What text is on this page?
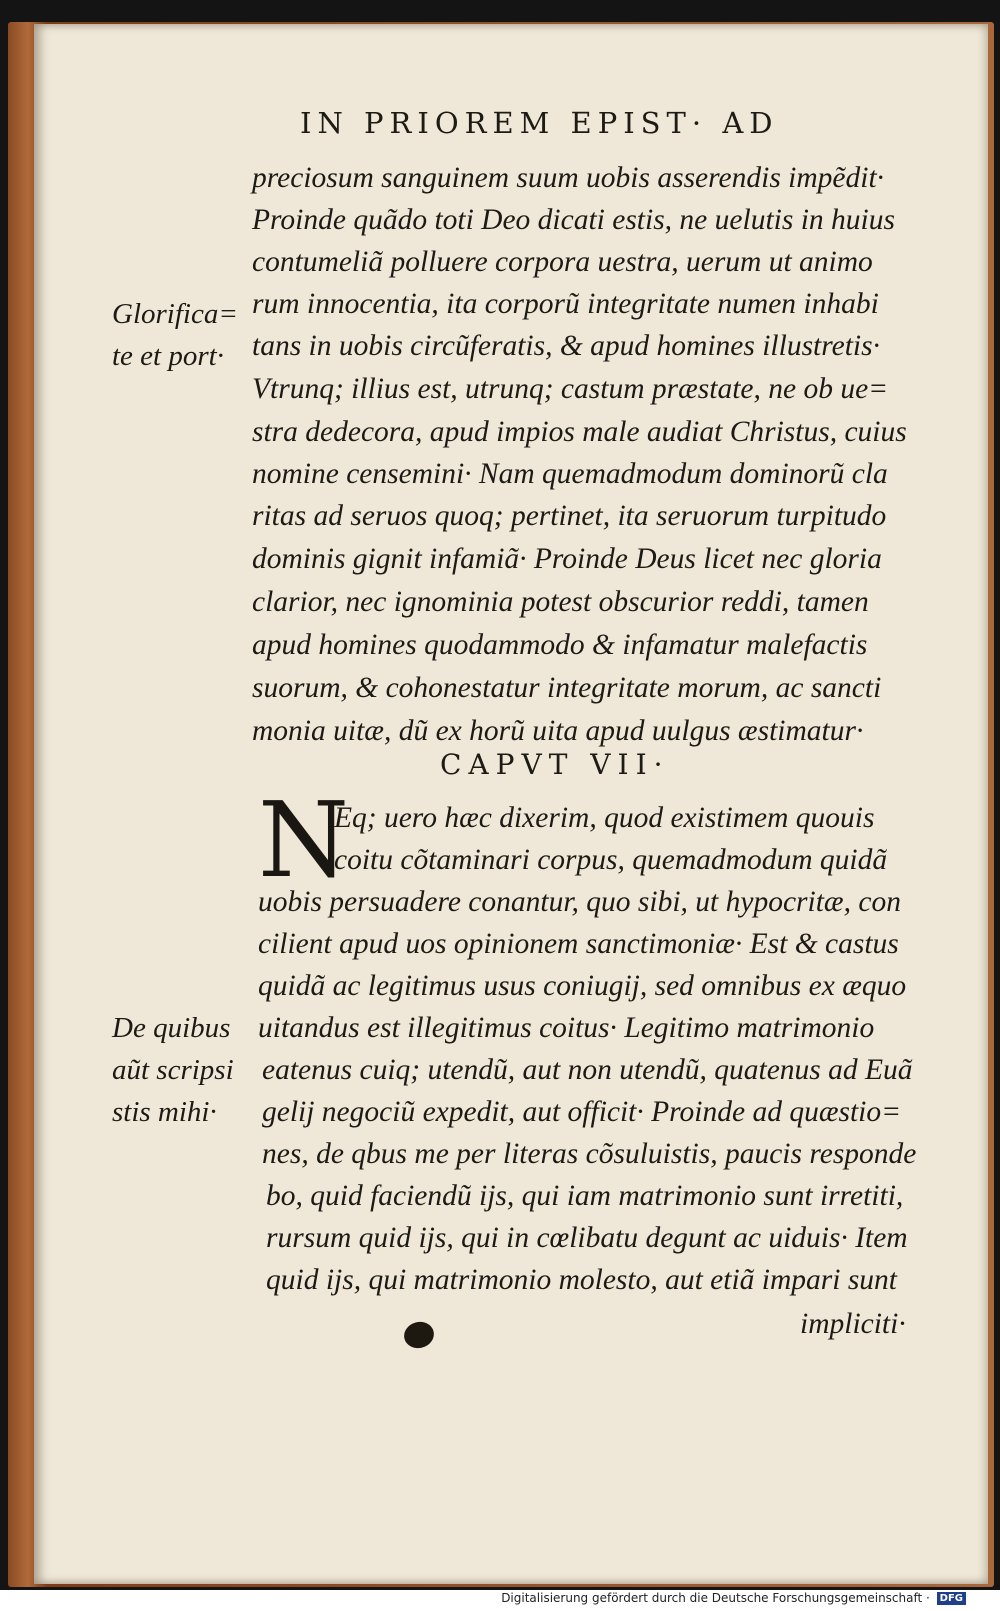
IN PRIOREM EPIST· AD
preciosum sanguinem suum uobis asserendis impẽdit·
Proinde quãdo toti Deo dicati estis, ne uelutis in huius
contumeliã polluere corpora uestra, uerum ut animo
rum innocentia, ita corporũ integritate numen inhabi
tans in uobis circũferatis, & apud homines illustretis·
Vtrunq; illius est, utrunq; castum præstate, ne ob ue=
stra dedecora, apud impios male audiat Christus, cuius
nomine censemini· Nam quemadmodum dominorũ cla
ritas ad seruos quoq; pertinet, ita seruorum turpitudo
dominis gignit infamiã· Proinde Deus licet nec gloria
clarior, nec ignominia potest obscurior reddi, tamen
apud homines quodammodo & infamatur malefactis
suorum, & cohonestatur integritate morum, ac sancti
monia uitæ, dũ ex horũ uita apud uulgus æstimatur·
Eq; uero hæc dixerim, quod existimem quouis
coitu cõtaminari corpus, quemadmodum quidã
uobis persuadere conantur, quo sibi, ut hypocritæ, con
cilient apud uos opinionem sanctimoniæ· Est & castus
quidã ac legitimus usus coniugij, sed omnibus ex æquo
uitandus est illegitimus coitus· Legitimo matrimonio
eatenus cuiq; utendũ, aut non utendũ, quatenus ad Euã
gelij negociũ expedit, aut officit· Proinde ad quæstio=
nes, de qbus me per literas cõsuluistis, paucis responde
bo, quid faciendũ ijs, qui iam matrimonio sunt irretiti,
rursum quid ijs, qui in cœlibatu degunt ac uiduis· Item
quid ijs, qui matrimonio molesto, aut etiã impari sunt
impliciti·
Glorifica=
te et port·
De quibus
aũt scripsi
stis mihi·
CAPVT VII·
N
Digitalisierung gefördert durch die Deutsche Forschungsgemeinschaft · DFG
